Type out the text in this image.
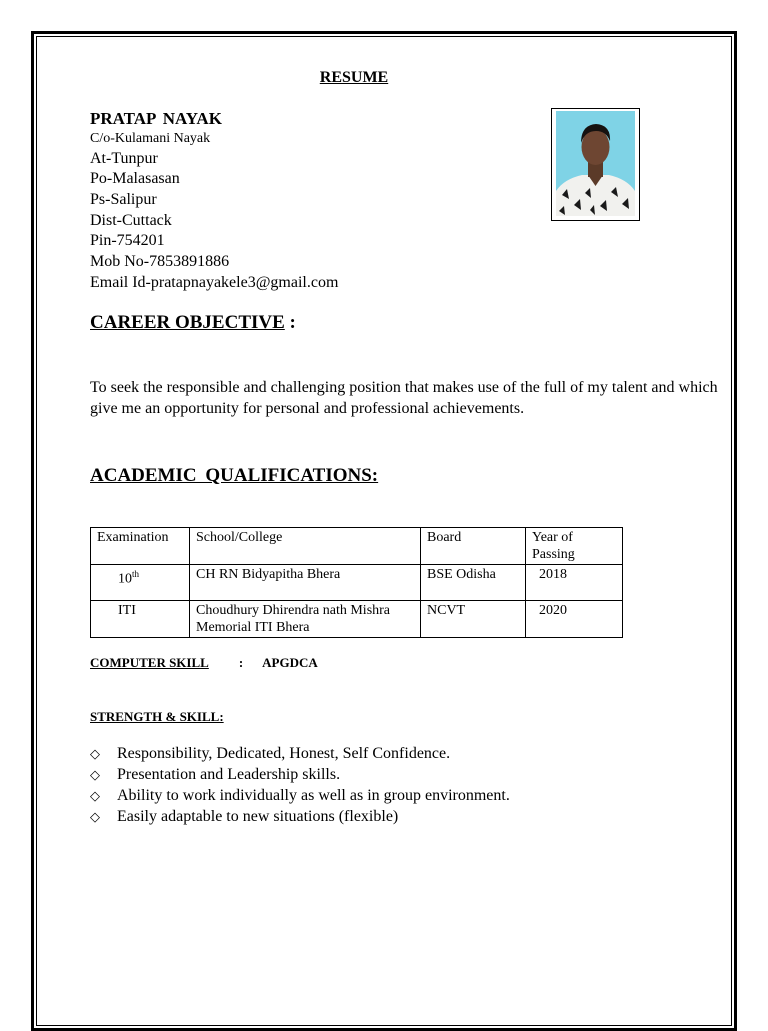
RESUME
PRATAP NAYAK
C/o-Kulamani Nayak
At-Tunpur
Po-Malasasan
Ps-Salipur
Dist-Cuttack
Pin-754201
Mob No-7853891886
Email Id-pratapnayakele3@gmail.com
CAREER OBJECTIVE :
To seek the responsible and challenging position that makes use of the full of my talent and which give me an opportunity for personal and professional achievements.
ACADEMIC QUALIFICATIONS:
Examination	School/College	Board	Year of Passing
10th	CH RN Bidyapitha Bhera	BSE Odisha	2018
ITI	Choudhury Dhirendra nath Mishra Memorial ITI Bhera	NCVT	2020
COMPUTER SKILL : APGDCA
STRENGTH & SKILL:
◇ Responsibility, Dedicated, Honest, Self Confidence.
◇ Presentation and Leadership skills.
◇ Ability to work individually as well as in group environment.
◇ Easily adaptable to new situations (flexible)
